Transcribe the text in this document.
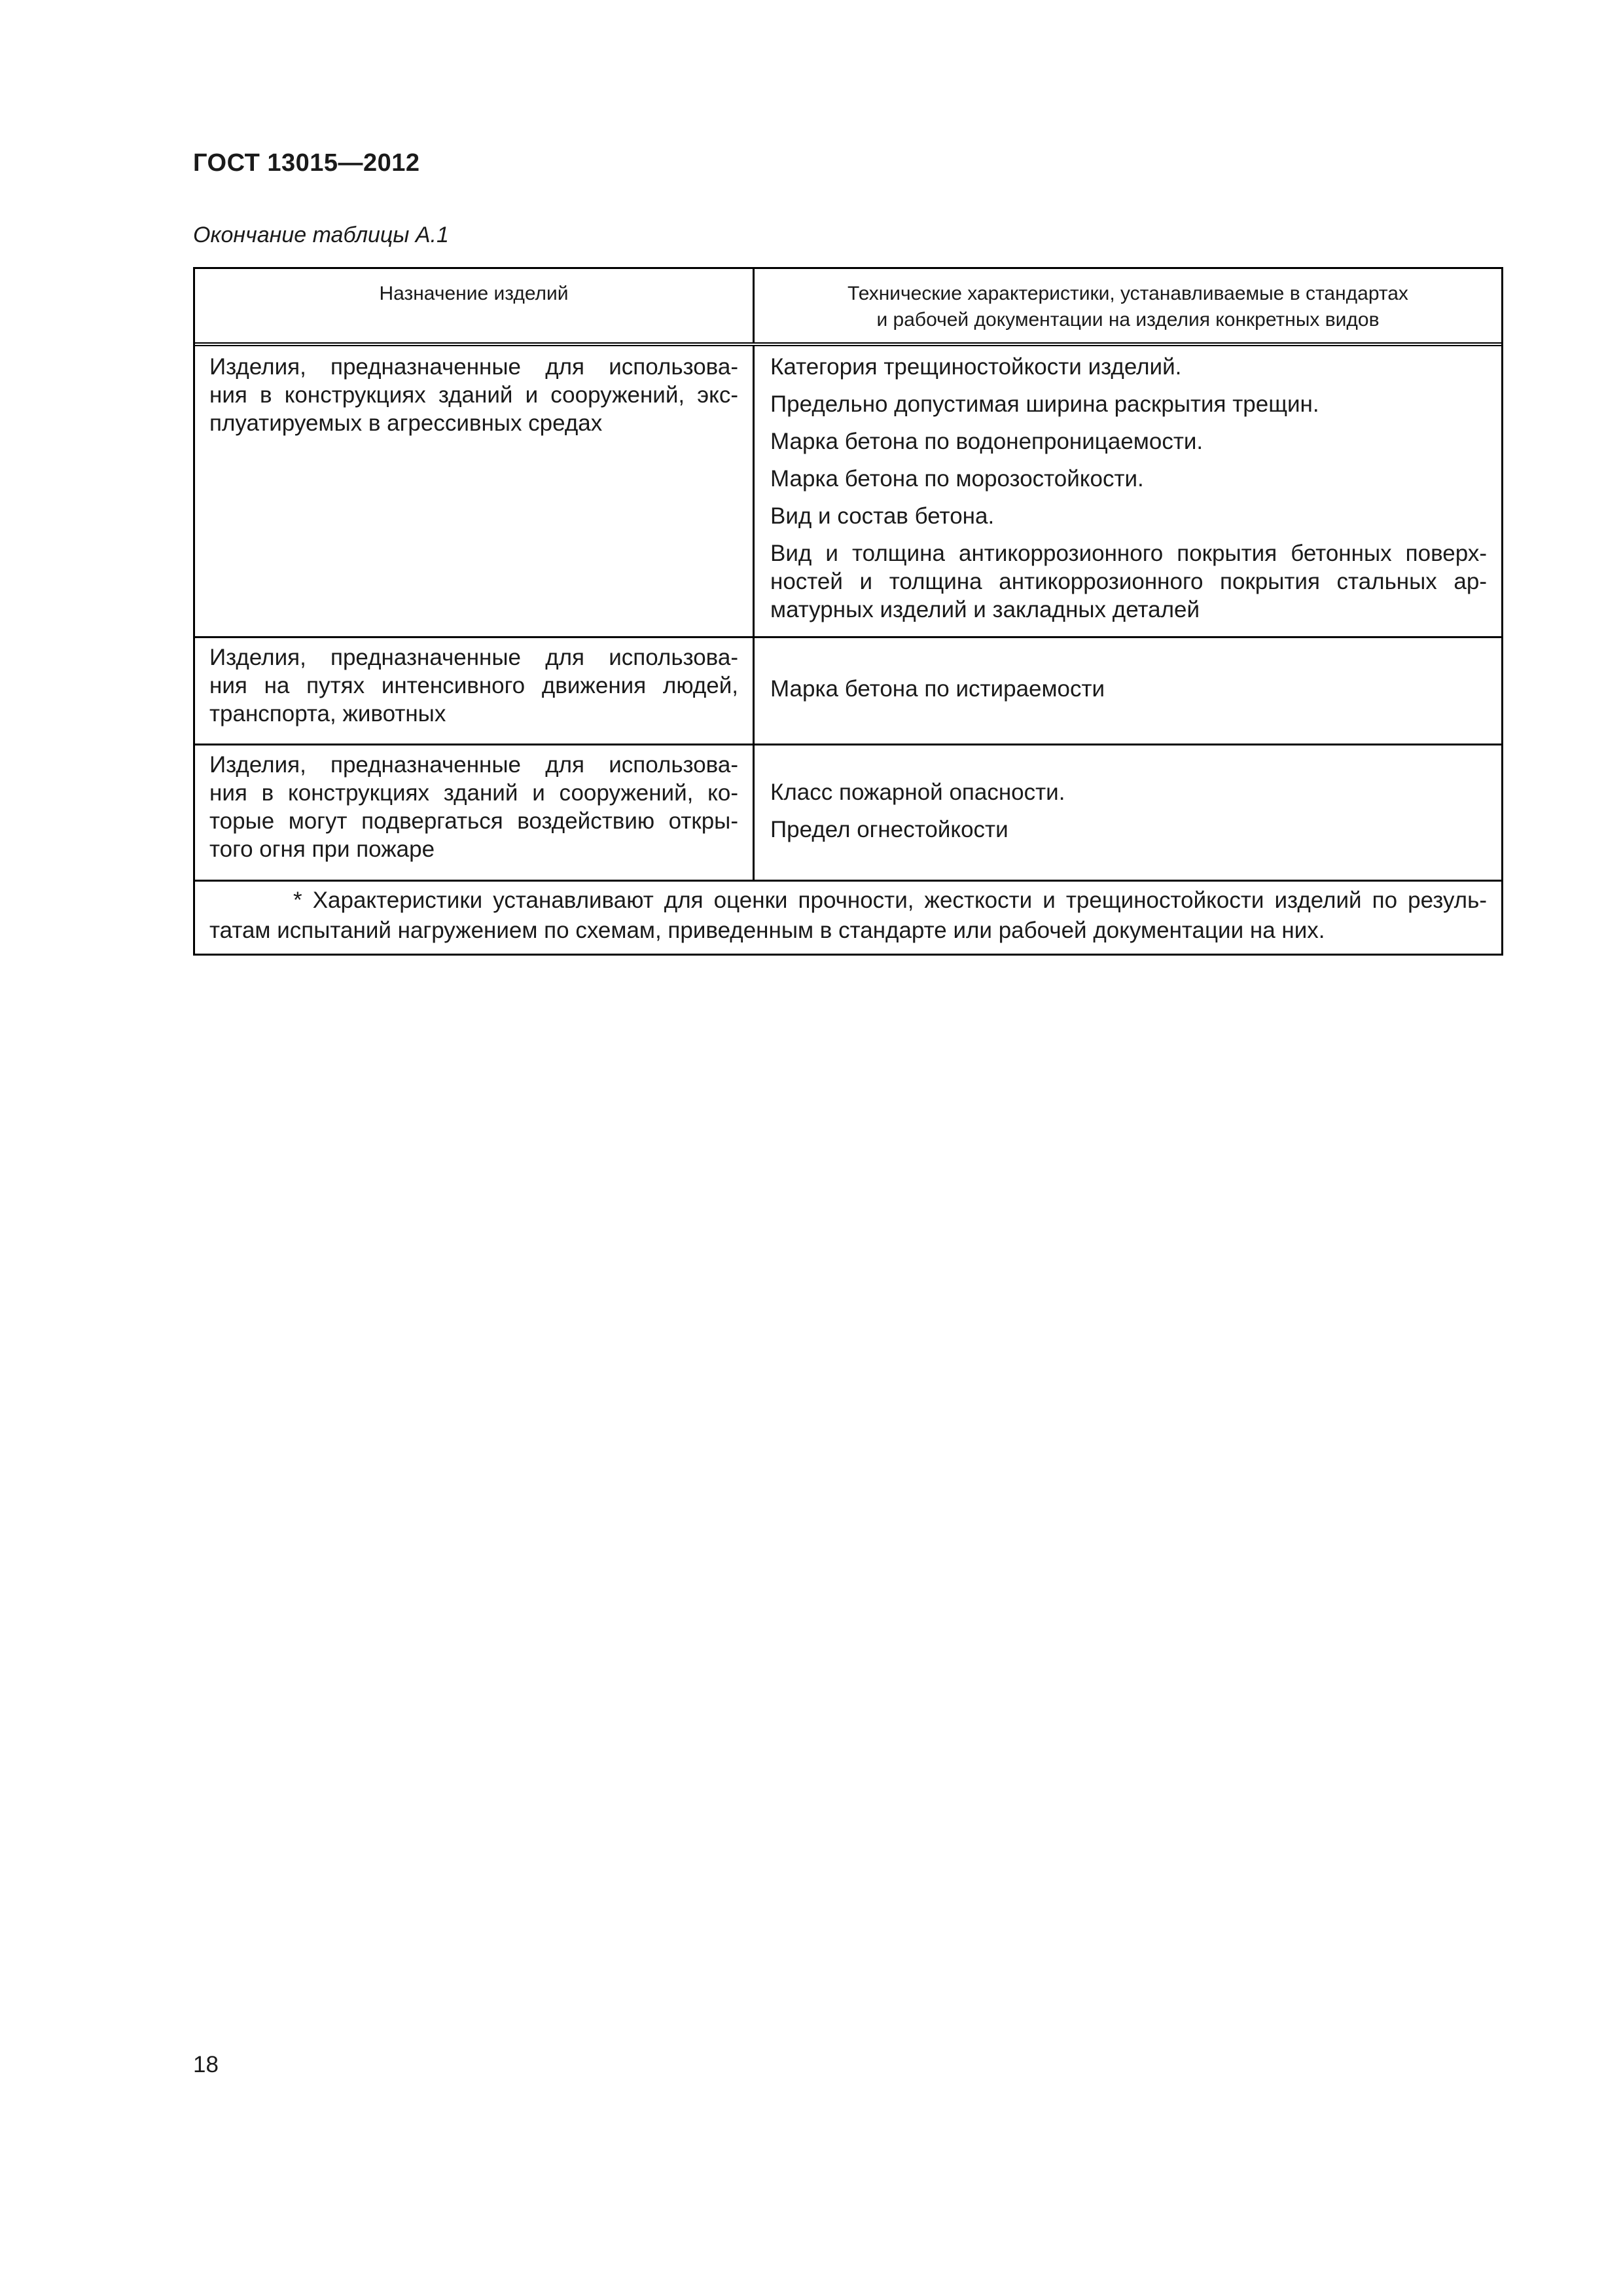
ГОСТ 13015—2012
Окончание таблицы А.1
Назначение изделий	Технические характеристики, устанавливаемые в стандартах
и рабочей документации на изделия конкретных видов
Изделия, предназначенные для использова-
ния в конструкциях зданий и сооружений, экс-
плуатируемых в агрессивных средах
Категория трещиностойкости изделий.
Предельно допустимая ширина раскрытия трещин.
Марка бетона по водонепроницаемости.
Марка бетона по морозостойкости.
Вид и состав бетона.
Вид и толщина антикоррозионного покрытия бетонных поверх-
ностей и толщина антикоррозионного покрытия стальных ар-
матурных изделий и закладных деталей
Изделия, предназначенные для использова-
ния на путях интенсивного движения людей,
транспорта, животных
Марка бетона по истираемости
Изделия, предназначенные для использова-
ния в конструкциях зданий и сооружений, ко-
торые могут подвергаться воздействию откры-
того огня при пожаре
Класс пожарной опасности.
Предел огнестойкости
* Характеристики устанавливают для оценки прочности, жесткости и трещиностойкости изделий по резуль-
татам испытаний нагружением по схемам, приведенным в стандарте или рабочей документации на них.
18
